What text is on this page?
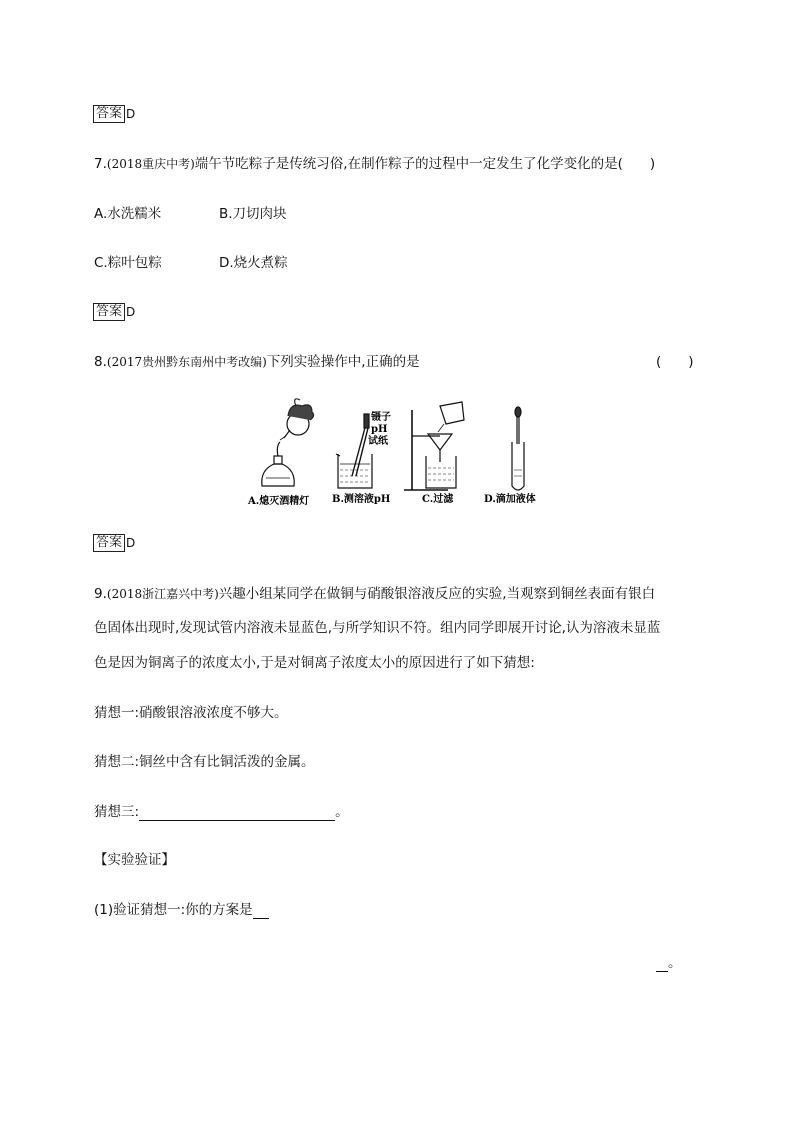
答案 D
7.(2018重庆中考)端午节吃粽子是传统习俗,在制作粽子的过程中一定发生了化学变化的是(　　)
A.水洗糯米	B.刀切肉块
C.粽叶包粽	D.烧火煮粽
答案 D
8.(2017贵州黔东南州中考改编)下列实验操作中,正确的是	(　　)
A.熄灭酒精灯
镊子
pH
试纸
B.测溶液pH	C.过滤	D.滴加液体
答案 D
9.(2018浙江嘉兴中考)兴趣小组某同学在做铜与硝酸银溶液反应的实验,当观察到铜丝表面有银白
色固体出现时,发现试管内溶液未显蓝色,与所学知识不符。组内同学即展开讨论,认为溶液未显蓝
色是因为铜离子的浓度太小,于是对铜离子浓度太小的原因进行了如下猜想:
猜想一:硝酸银溶液浓度不够大。
猜想二:铜丝中含有比铜活泼的金属。
猜想三:	。
【实验验证】
(1)验证猜想一:你的方案是
。
